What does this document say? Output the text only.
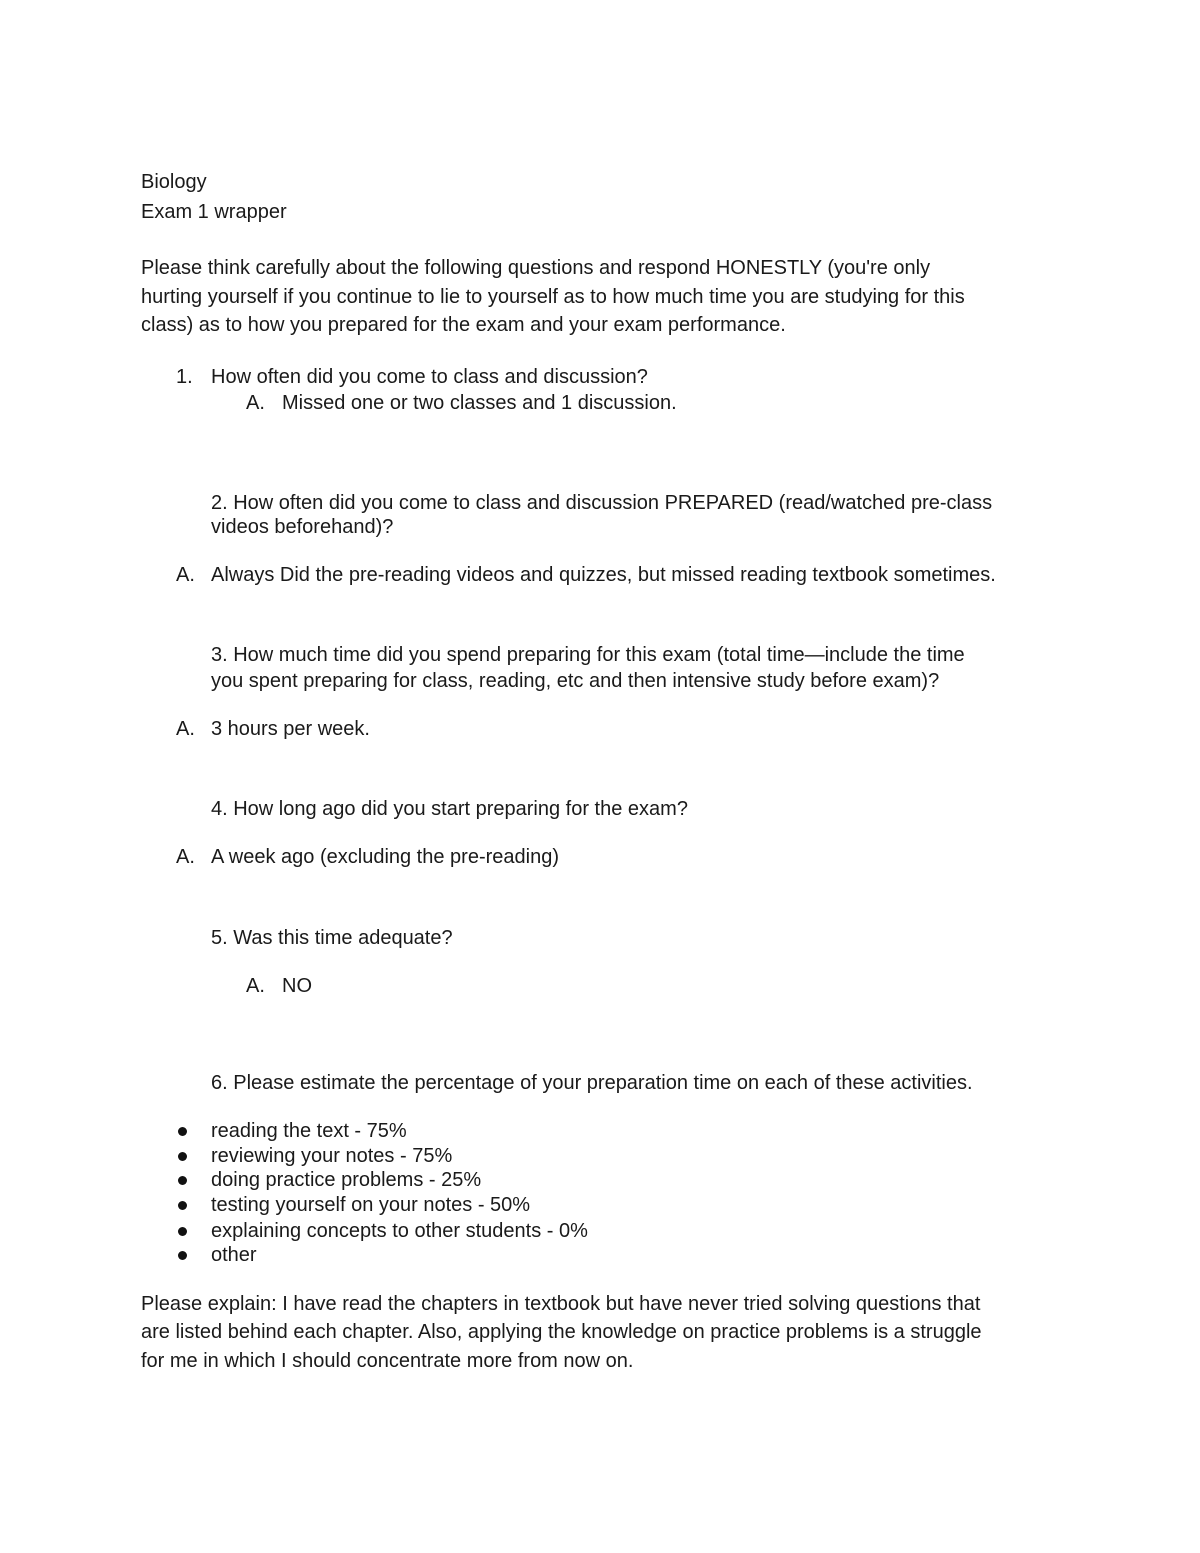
Biology
Exam 1 wrapper
Please think carefully about the following questions and respond HONESTLY (you're only
hurting yourself if you continue to lie to yourself as to how much time you are studying for this
class) as to how you prepared for the exam and your exam performance.
1. How often did you come to class and discussion?
A. Missed one or two classes and 1 discussion.
2. How often did you come to class and discussion PREPARED (read/watched pre-class
videos beforehand)?
A. Always Did the pre-reading videos and quizzes, but missed reading textbook sometimes.
3. How much time did you spend preparing for this exam (total time—include the time
you spent preparing for class, reading, etc and then intensive study before exam)?
A. 3 hours per week.
4. How long ago did you start preparing for the exam?
A. A week ago (excluding the pre-reading)
5. Was this time adequate?
A. NO
6. Please estimate the percentage of your preparation time on each of these activities.
reading the text - 75%
reviewing your notes - 75%
doing practice problems - 25%
testing yourself on your notes - 50%
explaining concepts to other students - 0%
other
Please explain: I have read the chapters in textbook but have never tried solving questions that
are listed behind each chapter. Also, applying the knowledge on practice problems is a struggle
for me in which I should concentrate more from now on.
